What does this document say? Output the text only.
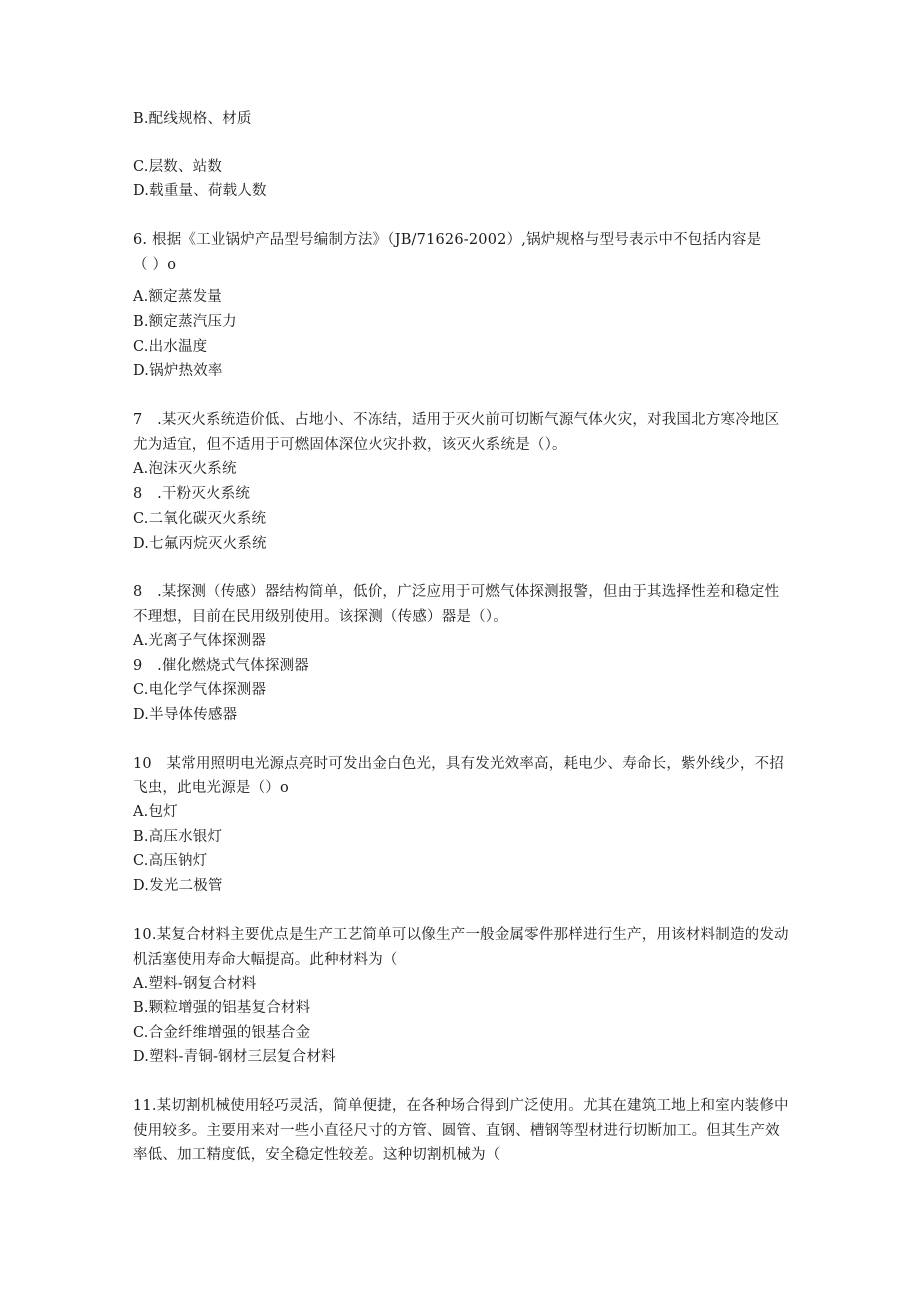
B.配线规格、材质
C.层数、站数
D.载重量、荷载人数
6. 根据《工业锅炉产品型号编制方法》（JB/71626-2002）,锅炉规格与型号表示中不包括内容是
（ ）o
A.额定蒸发量
B.额定蒸汽压力
C.出水温度
D.锅炉热效率
7　.某灭火系统造价低、占地小、不冻结，适用于灭火前可切断气源气体火灾，对我国北方寒冷地区
尤为适宜，但不适用于可燃固体深位火灾扑救，该灭火系统是（）。
A.泡沫灭火系统
8　.干粉灭火系统
C.二氧化碳灭火系统
D.七氟丙烷灭火系统
8　.某探测（传感）器结构简单，低价，广泛应用于可燃气体探测报警，但由于其选择性差和稳定性
不理想，目前在民用级别使用。该探测（传感）器是（）。
A.光离子气体探测器
9　.催化燃烧式气体探测器
C.电化学气体探测器
D.半导体传感器
10　某常用照明电光源点亮时可发出金白色光，具有发光效率高，耗电少、寿命长，紫外线少，不招
飞虫，此电光源是（）o
A.包灯
B.高压水银灯
C.高压钠灯
D.发光二极管
10.某复合材料主要优点是生产工艺简单可以像生产一般金属零件那样进行生产，用该材料制造的发动
机活塞使用寿命大幅提高。此种材料为（
A.塑料-钢复合材料
B.颗粒增强的铝基复合材料
C.合金纤维增强的银基合金
D.塑料-青铜-钢材三层复合材料
11.某切割机械使用轻巧灵活，简单便捷，在各种场合得到广泛使用。尤其在建筑工地上和室内装修中
使用较多。主要用来对一些小直径尺寸的方管、圆管、直钢、槽钢等型材进行切断加工。但其生产效
率低、加工精度低，安全稳定性较差。这种切割机械为（
